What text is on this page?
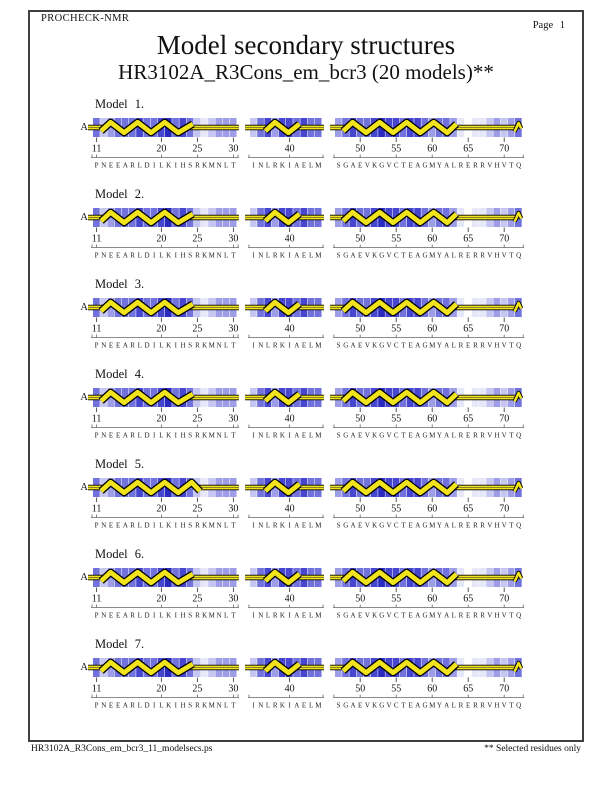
PROCHECK-NMR
Page 1
Model secondary structures
HR3102A_R3Cons_em_bcr3 (20 models)**
Model 1.
A
11	20	25	30
P N E E A R L D I L K I H S R K M N L T
40
I N L R K I A E L M
50	55	60	65	70
S G A E V K G V C T E A G M Y A L R E R R V H V T Q
Model 2.
A
11	20	25	30
P N E E A R L D I L K I H S R K M N L T
40
I N L R K I A E L M
50	55	60	65	70
S G A E V K G V C T E A G M Y A L R E R R V H V T Q
Model 3.
A
11	20	25	30
P N E E A R L D I L K I H S R K M N L T
40
I N L R K I A E L M
50	55	60	65	70
S G A E V K G V C T E A G M Y A L R E R R V H V T Q
Model 4.
A
11	20	25	30
P N E E A R L D I L K I H S R K M N L T
40
I N L R K I A E L M
50	55	60	65	70
S G A E V K G V C T E A G M Y A L R E R R V H V T Q
Model 5.
A
11	20	25	30
P N E E A R L D I L K I H S R K M N L T
40
I N L R K I A E L M
50	55	60	65	70
S G A E V K G V C T E A G M Y A L R E R R V H V T Q
Model 6.
A
11	20	25	30
P N E E A R L D I L K I H S R K M N L T
40
I N L R K I A E L M
50	55	60	65	70
S G A E V K G V C T E A G M Y A L R E R R V H V T Q
Model 7.
A
11	20	25	30
P N E E A R L D I L K I H S R K M N L T
40
I N L R K I A E L M
50	55	60	65	70
S G A E V K G V C T E A G M Y A L R E R R V H V T Q
HR3102A_R3Cons_em_bcr3_11_modelsecs.ps	** Selected residues only
